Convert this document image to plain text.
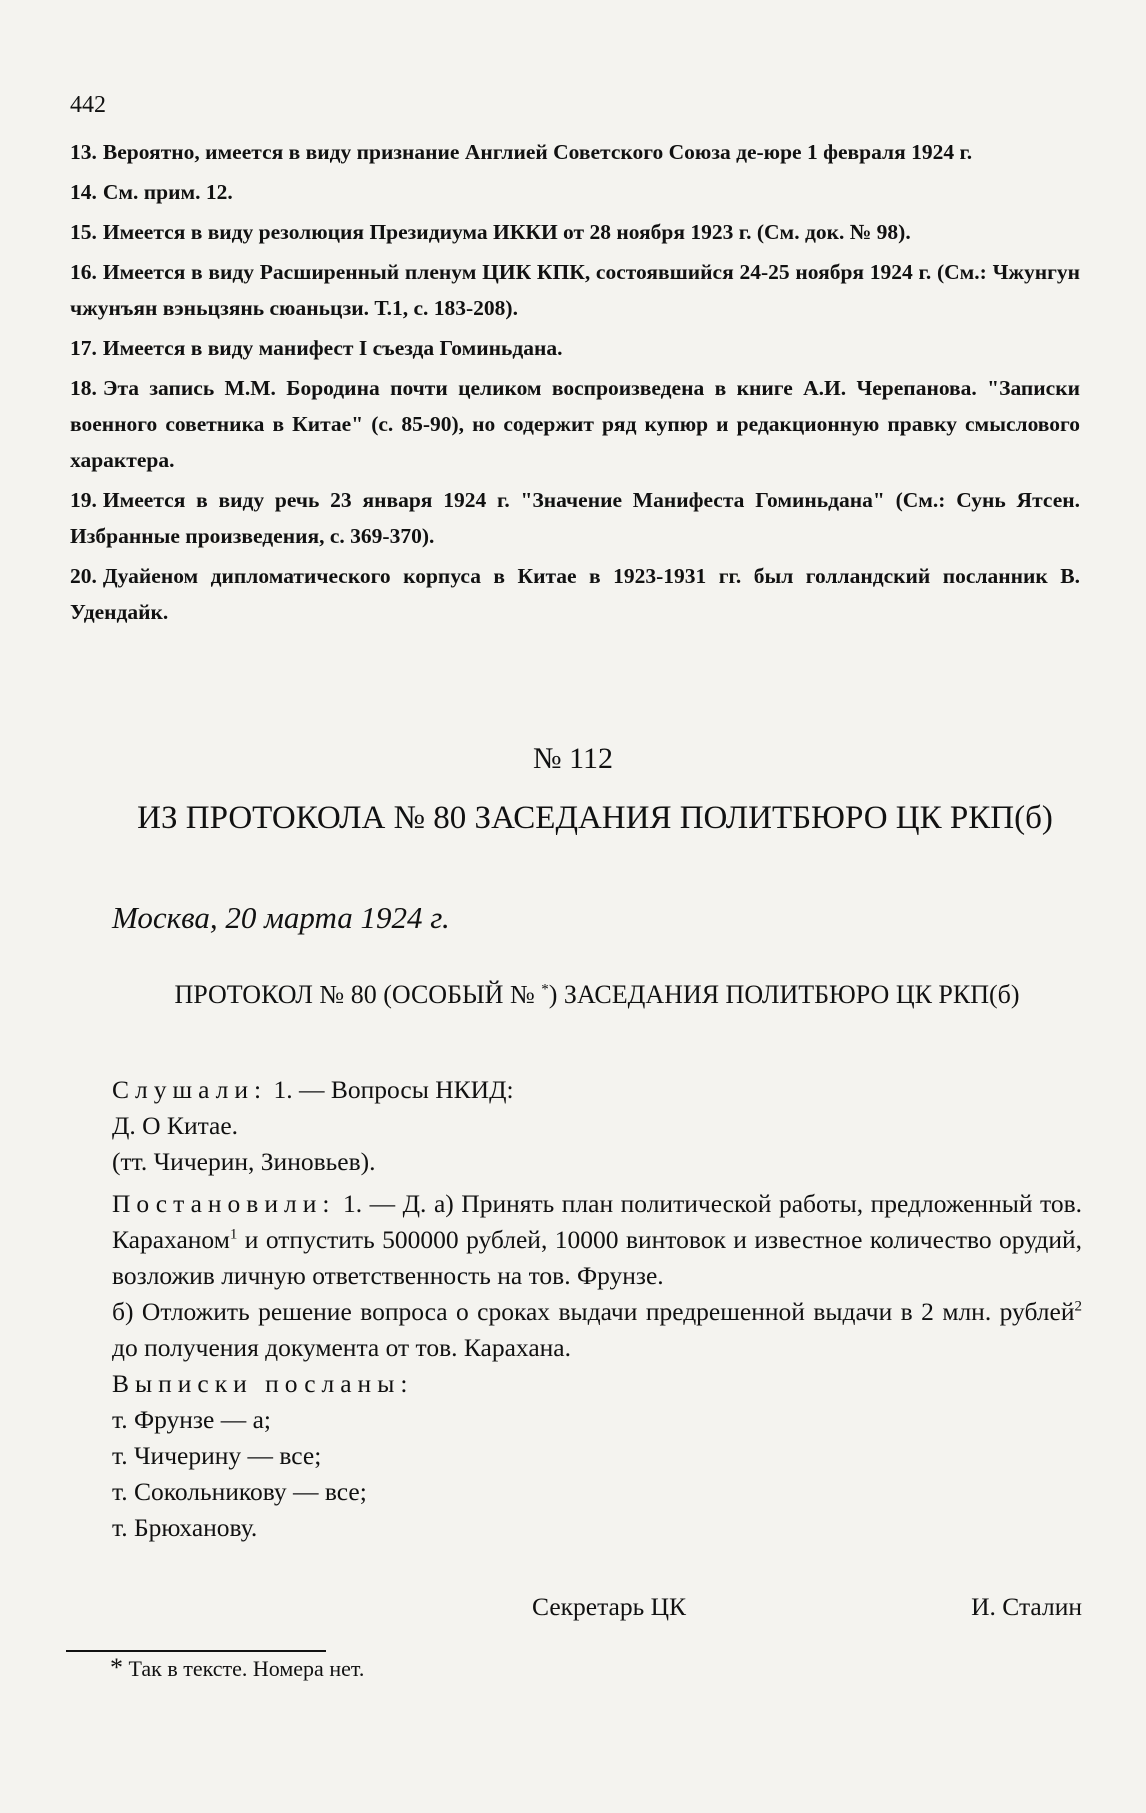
442

13. Вероятно, имеется в виду признание Англией Советского Союза де-юре 1 февраля 1924 г.

14. См. прим. 12.

15. Имеется в виду резолюция Президиума ИККИ от 28 ноября 1923 г. (См. док. № 98).

16. Имеется в виду Расширенный пленум ЦИК КПК, состоявшийся 24-25 ноября 1924 г. (См.: Чжунгун чжунъян вэньцзянь сюаньцзи. Т.1, с. 183-208).

17. Имеется в виду манифест I съезда Гоминьдана.

18. Эта запись М.М. Бородина почти целиком воспроизведена в книге А.И. Черепанова. "Записки военного советника в Китае" (с. 85-90), но содержит ряд купюр и редакционную правку смыслового характера.

19. Имеется в виду речь 23 января 1924 г. "Значение Манифеста Гоминьдана" (См.: Сунь Ятсен. Избранные произведения, с. 369-370).

20. Дуайеном дипломатического корпуса в Китае в 1923-1931 гг. был голландский посланник В. Удендайк.

№ 112
ИЗ ПРОТОКОЛА № 80 ЗАСЕДАНИЯ ПОЛИТБЮРО ЦК РКП(б)
Москва, 20 марта 1924 г.
ПРОТОКОЛ № 80 (ОСОБЫЙ № *) ЗАСЕДАНИЯ ПОЛИТБЮРО ЦК РКП(б)

Слушали: 1. — Вопросы НКИД:

Д. О Китае.

(тт. Чичерин, Зиновьев).

Постановили: 1. — Д. а) Принять план политической работы, предложенный тов. Караханом$^1$ и отпустить 500000 рублей, 10000 винтовок и известное количество орудий, возложив личную ответственность на тов. Фрунзе.

б) Отложить решение вопроса о сроках выдачи предрешенной выдачи в 2 млн. рублей$^2$ до получения документа от тов. Карахана.

Выписки посланы:

т. Фрунзе — а;

т. Чичерину — все;

т. Сокольникову — все;

т. Брюханову.

Секретарь ЦК	И. Сталин
* Так в тексте. Номера нет.
